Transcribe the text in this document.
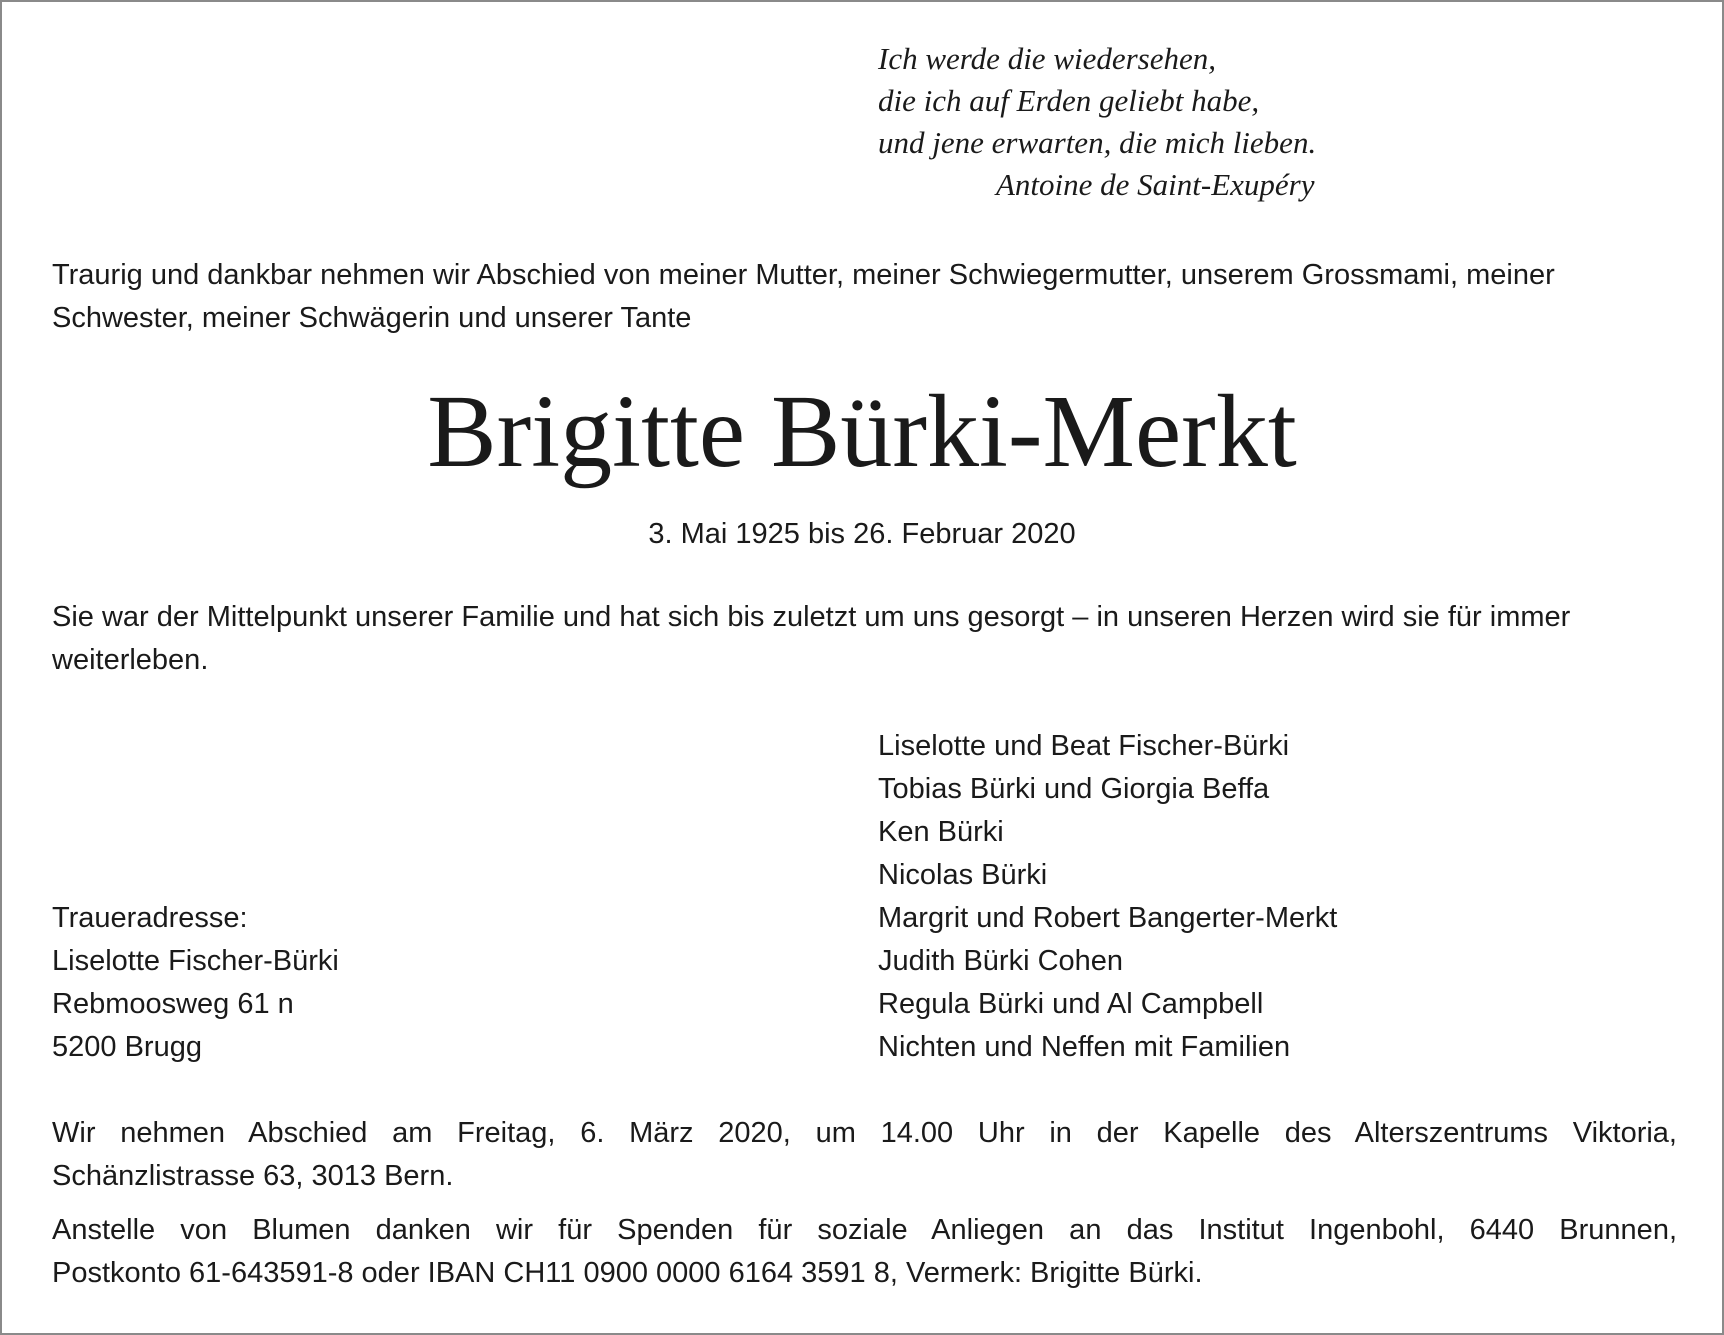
Ich werde die wiedersehen,
die ich auf Erden geliebt habe,
und jene erwarten, die mich lieben.
Antoine de Saint-Exupéry
Traurig und dankbar nehmen wir Abschied von meiner Mutter, meiner Schwiegermutter, unserem Grossmami, meiner Schwester, meiner Schwägerin und unserer Tante
Brigitte Bürki-Merkt
3. Mai 1925 bis 26. Februar 2020
Sie war der Mittelpunkt unserer Familie und hat sich bis zuletzt um uns gesorgt – in unseren Herzen wird sie für immer weiterleben.
Liselotte und Beat Fischer-Bürki
Tobias Bürki und Giorgia Beffa
Ken Bürki
Nicolas Bürki
Margrit und Robert Bangerter-Merkt
Judith Bürki Cohen
Regula Bürki und Al Campbell
Nichten und Neffen mit Familien
Traueradresse:
Liselotte Fischer-Bürki
Rebmoosweg 61 n
5200 Brugg
Wir nehmen Abschied am Freitag, 6. März 2020, um 14.00 Uhr in der Kapelle des Alterszentrums Viktoria,
Schänzlistrasse 63, 3013 Bern.
Anstelle von Blumen danken wir für Spenden für soziale Anliegen an das Institut Ingenbohl, 6440 Brunnen,
Postkonto 61-643591-8 oder IBAN CH11 0900 0000 6164 3591 8, Vermerk: Brigitte Bürki.
